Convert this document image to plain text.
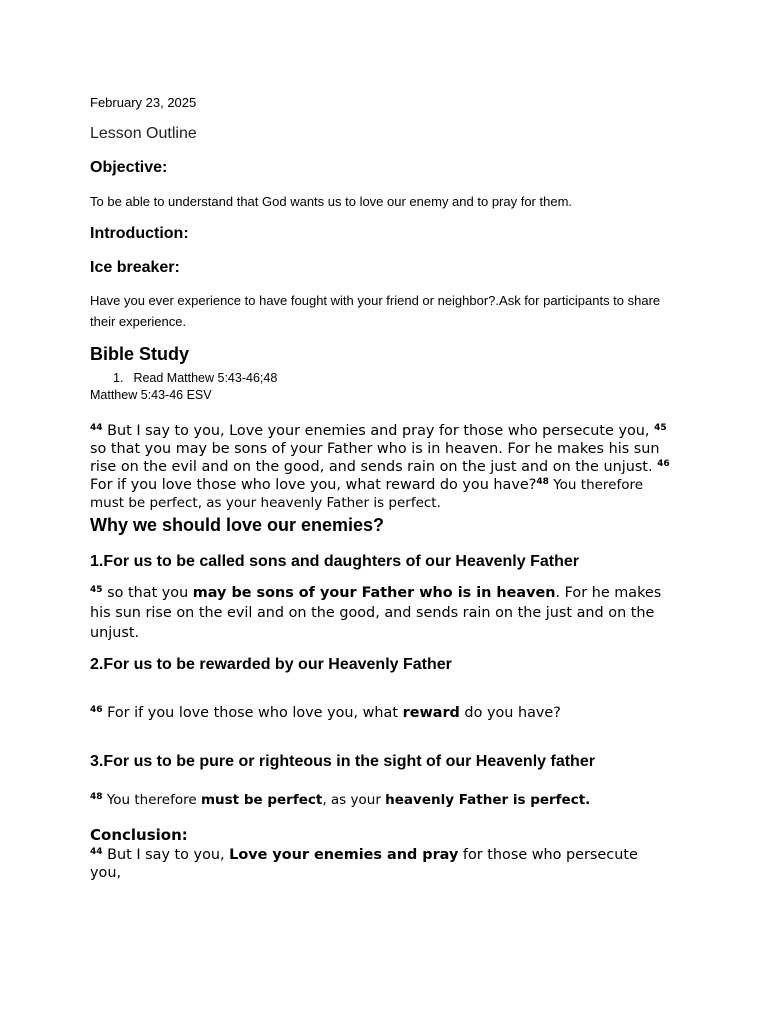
February 23, 2025

Lesson Outline

Objective:

To be able to understand that God wants us to love our enemy and to pray for them.

Introduction:

Ice breaker:

Have you ever experience to have fought with your friend or neighbor?.Ask for participants to share their experience.

Bible Study

1. Read Matthew 5:43-46;48

Matthew 5:43-46 ESV

$^{44}$ But I say to you, Love your enemies and pray for those who persecute you, $^{45}$ so that you may be sons of your Father who is in heaven. For he makes his sun rise on the evil and on the good, and sends rain on the just and on the unjust. $^{46}$ For if you love those who love you, what reward do you have?$^{48}$ You therefore must be perfect, as your heavenly Father is perfect.

Why we should love our enemies?

1.For us to be called sons and daughters of our Heavenly Father

$^{45}$ so that you may be sons of your Father who is in heaven. For he makes his sun rise on the evil and on the good, and sends rain on the just and on the unjust.

2.For us to be rewarded by our Heavenly Father

$^{46}$ For if you love those who love you, what reward do you have?

3.For us to be pure or righteous in the sight of our Heavenly father

$^{48}$ You therefore must be perfect, as your heavenly Father is perfect.

Conclusion:

$^{44}$ But I say to you, Love your enemies and pray for those who persecute you,
